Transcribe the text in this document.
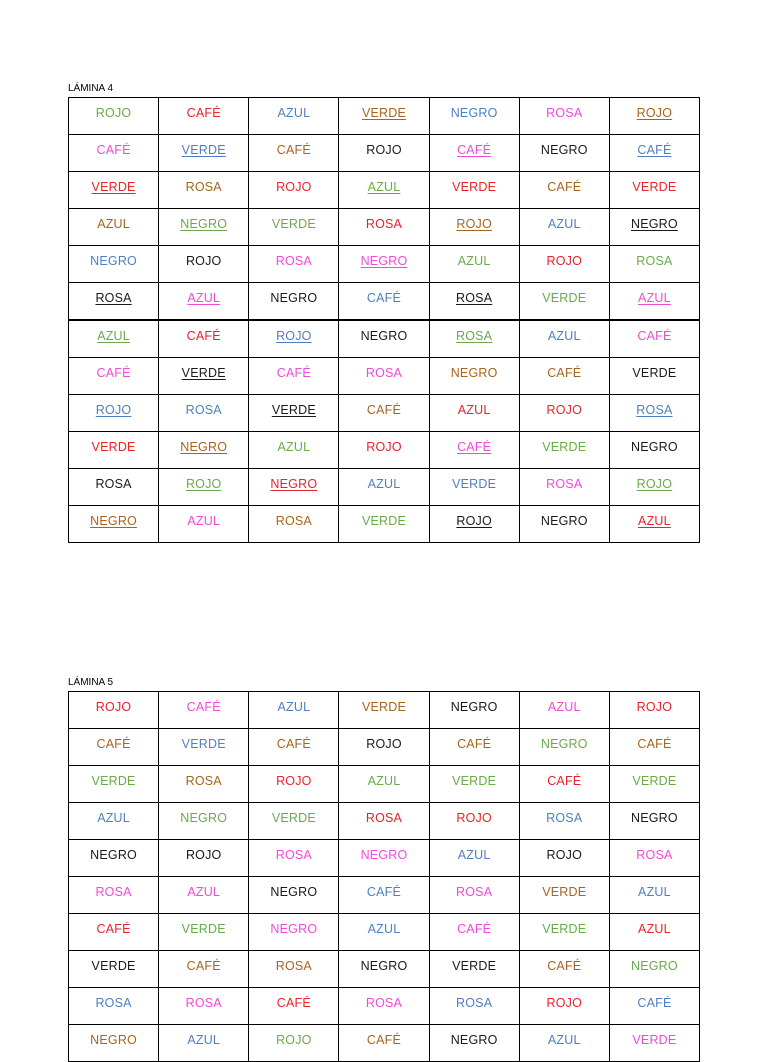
LÁMINA 4
ROJO	CAFÉ	AZUL	VERDE	NEGRO	ROSA	ROJO
CAFÉ	VERDE	CAFÉ	ROJO	CAFÉ	NEGRO	CAFÉ
VERDE	ROSA	ROJO	AZUL	VERDE	CAFÉ	VERDE
AZUL	NEGRO	VERDE	ROSA	ROJO	AZUL	NEGRO
NEGRO	ROJO	ROSA	NEGRO	AZUL	ROJO	ROSA
ROSA	AZUL	NEGRO	CAFÉ	ROSA	VERDE	AZUL
AZUL	CAFÉ	ROJO	NEGRO	ROSA	AZUL	CAFÉ
CAFÉ	VERDE	CAFÉ	ROSA	NEGRO	CAFÉ	VERDE
ROJO	ROSA	VERDE	CAFÉ	AZUL	ROJO	ROSA
VERDE	NEGRO	AZUL	ROJO	CAFÉ	VERDE	NEGRO
ROSA	ROJO	NEGRO	AZUL	VERDE	ROSA	ROJO
NEGRO	AZUL	ROSA	VERDE	ROJO	NEGRO	AZUL
LÁMINA 5
ROJO	CAFÉ	AZUL	VERDE	NEGRO	AZUL	ROJO
CAFÉ	VERDE	CAFÉ	ROJO	CAFÉ	NEGRO	CAFÉ
VERDE	ROSA	ROJO	AZUL	VERDE	CAFÉ	VERDE
AZUL	NEGRO	VERDE	ROSA	ROJO	ROSA	NEGRO
NEGRO	ROJO	ROSA	NEGRO	AZUL	ROJO	ROSA
ROSA	AZUL	NEGRO	CAFÉ	ROSA	VERDE	AZUL
CAFÉ	VERDE	NEGRO	AZUL	CAFÉ	VERDE	AZUL
VERDE	CAFÉ	ROSA	NEGRO	VERDE	CAFÉ	NEGRO
ROSA	ROSA	CAFÉ	ROSA	ROSA	ROJO	CAFÉ
NEGRO	AZUL	ROJO	CAFÉ	NEGRO	AZUL	VERDE
